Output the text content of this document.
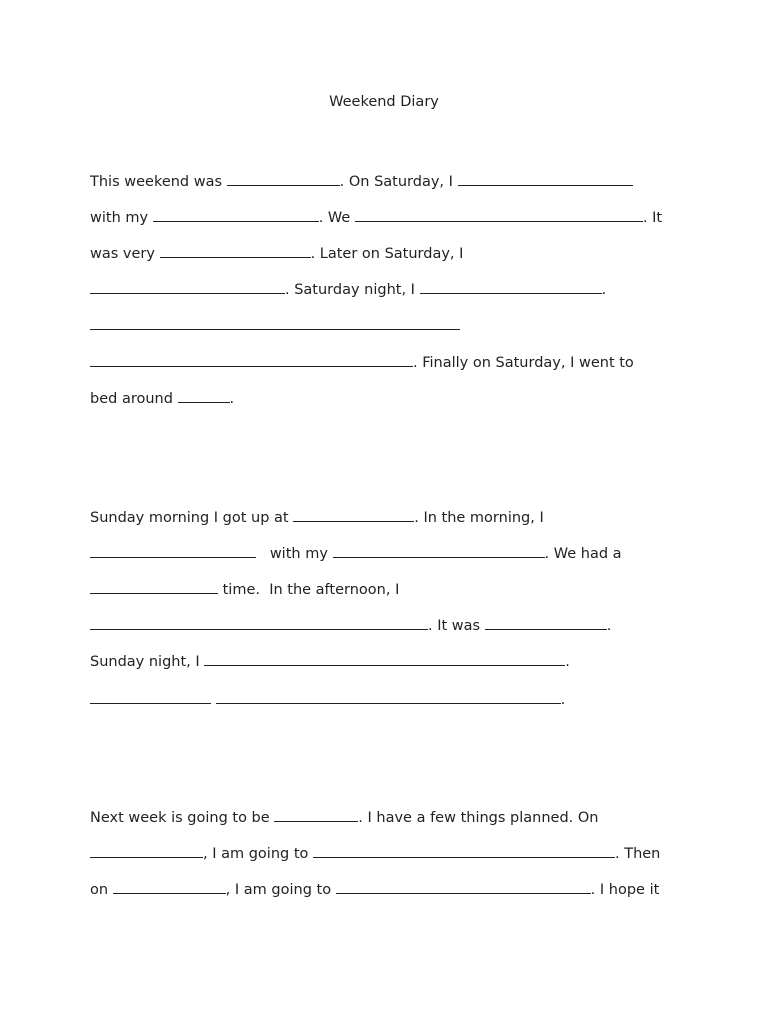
Weekend Diary
This weekend was	. On Saturday, I
with my	. We	. It
was very	. Later on Saturday, I
. Saturday night, I	.
. Finally on Saturday, I went to
bed around	.
Sunday morning I got up at	. In the morning, I
with my	. We had a
time.  In the afternoon, I
. It was	.
Sunday night, I	.
.
Next week is going to be	. I have a few things planned. On
, I am going to	. Then
on	, I am going to	. I hope it
